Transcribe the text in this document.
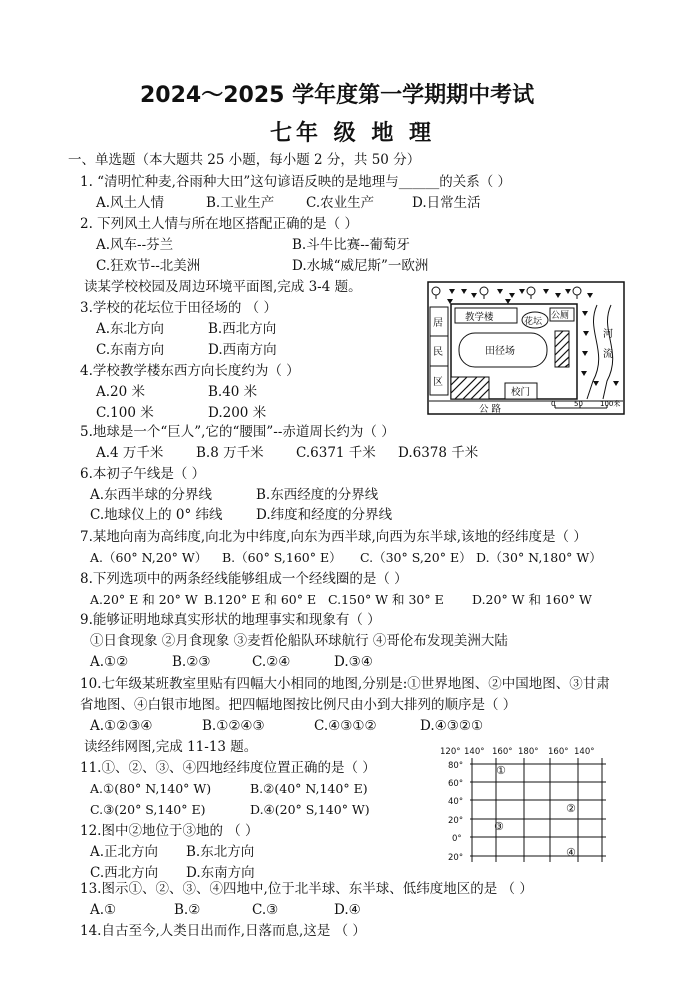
2024～2025 学年度第一学期期中考试
七年 级 地 理
一、单选题（本大题共 25 小题，每小题 2 分，共 50 分）
1. “清明忙种麦,谷雨种大田”这句谚语反映的是地理与______的关系（ ）
A.风土人情	B.工业生产 C.农业生产	D.日常生活
2. 下列风土人情与所在地区搭配正确的是（ ）
A.风车--芬兰	B.斗牛比赛--葡萄牙
C.狂欢节--北美洲	D.水城“威尼斯”一欧洲
读某学校校园及周边环境平面图,完成 3-4 题。
3.学校的花坛位于田径场的 （ ）
A.东北方向	B.西北方向
C.东南方向	D.西南方向
4.学校教学楼东西方向长度约为（ ）
A.20 米	B.40 米
C.100 米	D.200 米
居
民
区
教学楼	花坛
公厕
田径场
校门
河
流
公 路	0	50 100米
5.地球是一个“巨人”,它的“腰围”--赤道周长约为（ ）
A.4 万千米 B.8 万千米 C.6371 千米 D.6378 千米
6.本初子午线是（ ）
A.东西半球的分界线	B.东西经度的分界线
C.地球仪上的 0° 纬线 D.纬度和经度的分界线
7.某地向南为高纬度,向北为中纬度,向东为西半球,向西为东半球,该地的经纬度是（ ）
A.（60° N,20° W） B.（60° S,160° E） C.（30° S,20° E） D.（30° N,180° W）
8.下列选项中的两条经线能够组成一个经线圈的是（ ）
A.20° E 和 20° W B.120° E 和 60° E C.150° W 和 30° E D.20° W 和 160° W
9.能够证明地球真实形状的地理事实和现象有（ ）
①日食现象 ②月食现象 ③麦哲伦船队环球航行 ④哥伦布发现美洲大陆
A.①②	B.②③	C.②④	D.③④
10.七年级某班教室里贴有四幅大小相同的地图,分别是:①世界地图、②中国地图、③甘肃
省地图、④白银市地图。把四幅地图按比例尺由小到大排列的顺序是（ ）
A.①②③④	B.①②④③	C.④③①②	D.④③②①
读经纬网图,完成 11-13 题。
11.①、②、③、④四地经纬度位置正确的是（ ）
A.①(80° N,140° W)	B.②(40° N,140° E)
C.③(20° S,140° E)	D.④(20° S,140° W)
12.图中②地位于③地的 （ ）
A.正北方向 B.东北方向
C.西北方向 D.东南方向
120° 140° 160° 180° 160° 140°
80°
60°
40°
20°
0°
20°
①
②
③
④
13.图示①、②、③、④四地中,位于北半球、东半球、低纬度地区的是 （ ）
A.①	B.②	C.③	D.④
14.自古至今,人类日出而作,日落而息,这是 （ ）
